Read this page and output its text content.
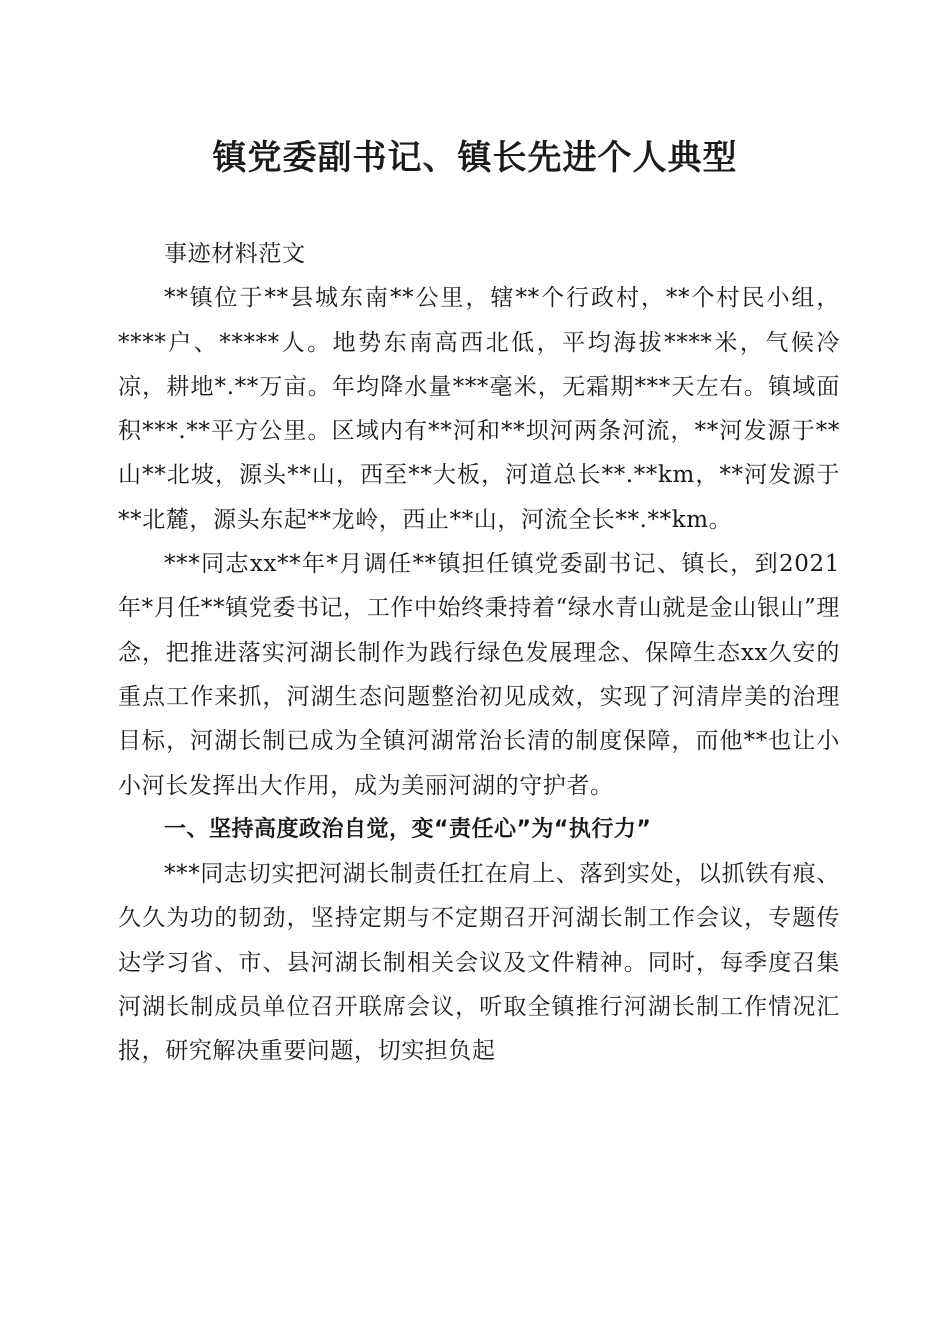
镇党委副书记、镇长先进个人典型

事迹材料范文

**镇位于**县城东南**公里，辖**个行政村，**个村民小组，****户、*****人。地势东南高西北低，平均海拔****米，气候冷凉，耕地*.**万亩。年均降水量***毫米，无霜期***天左右。镇域面积***.**平方公里。区域内有**河和**坝河两条河流，**河发源于**山**北坡，源头**山，西至**大板，河道总长**.**km，**河发源于**北麓，源头东起**龙岭，西止**山，河流全长**.**km。

***同志xx**年*月调任**镇担任镇党委副书记、镇长，到2021年*月任**镇党委书记，工作中始终秉持着“绿水青山就是金山银山”理念，把推进落实河湖长制作为践行绿色发展理念、保障生态xx久安的重点工作来抓，河湖生态问题整治初见成效，实现了河清岸美的治理目标，河湖长制已成为全镇河湖常治长清的制度保障，而他**也让小小河长发挥出大作用，成为美丽河湖的守护者。

一、坚持高度政治自觉，变“责任心”为“执行力”

***同志切实把河湖长制责任扛在肩上、落到实处，以抓铁有痕、久久为功的韧劲，坚持定期与不定期召开河湖长制工作会议，专题传达学习省、市、县河湖长制相关会议及文件精神。同时，每季度召集河湖长制成员单位召开联席会议，听取全镇推行河湖长制工作情况汇报，研究解决重要问题，切实担负起
